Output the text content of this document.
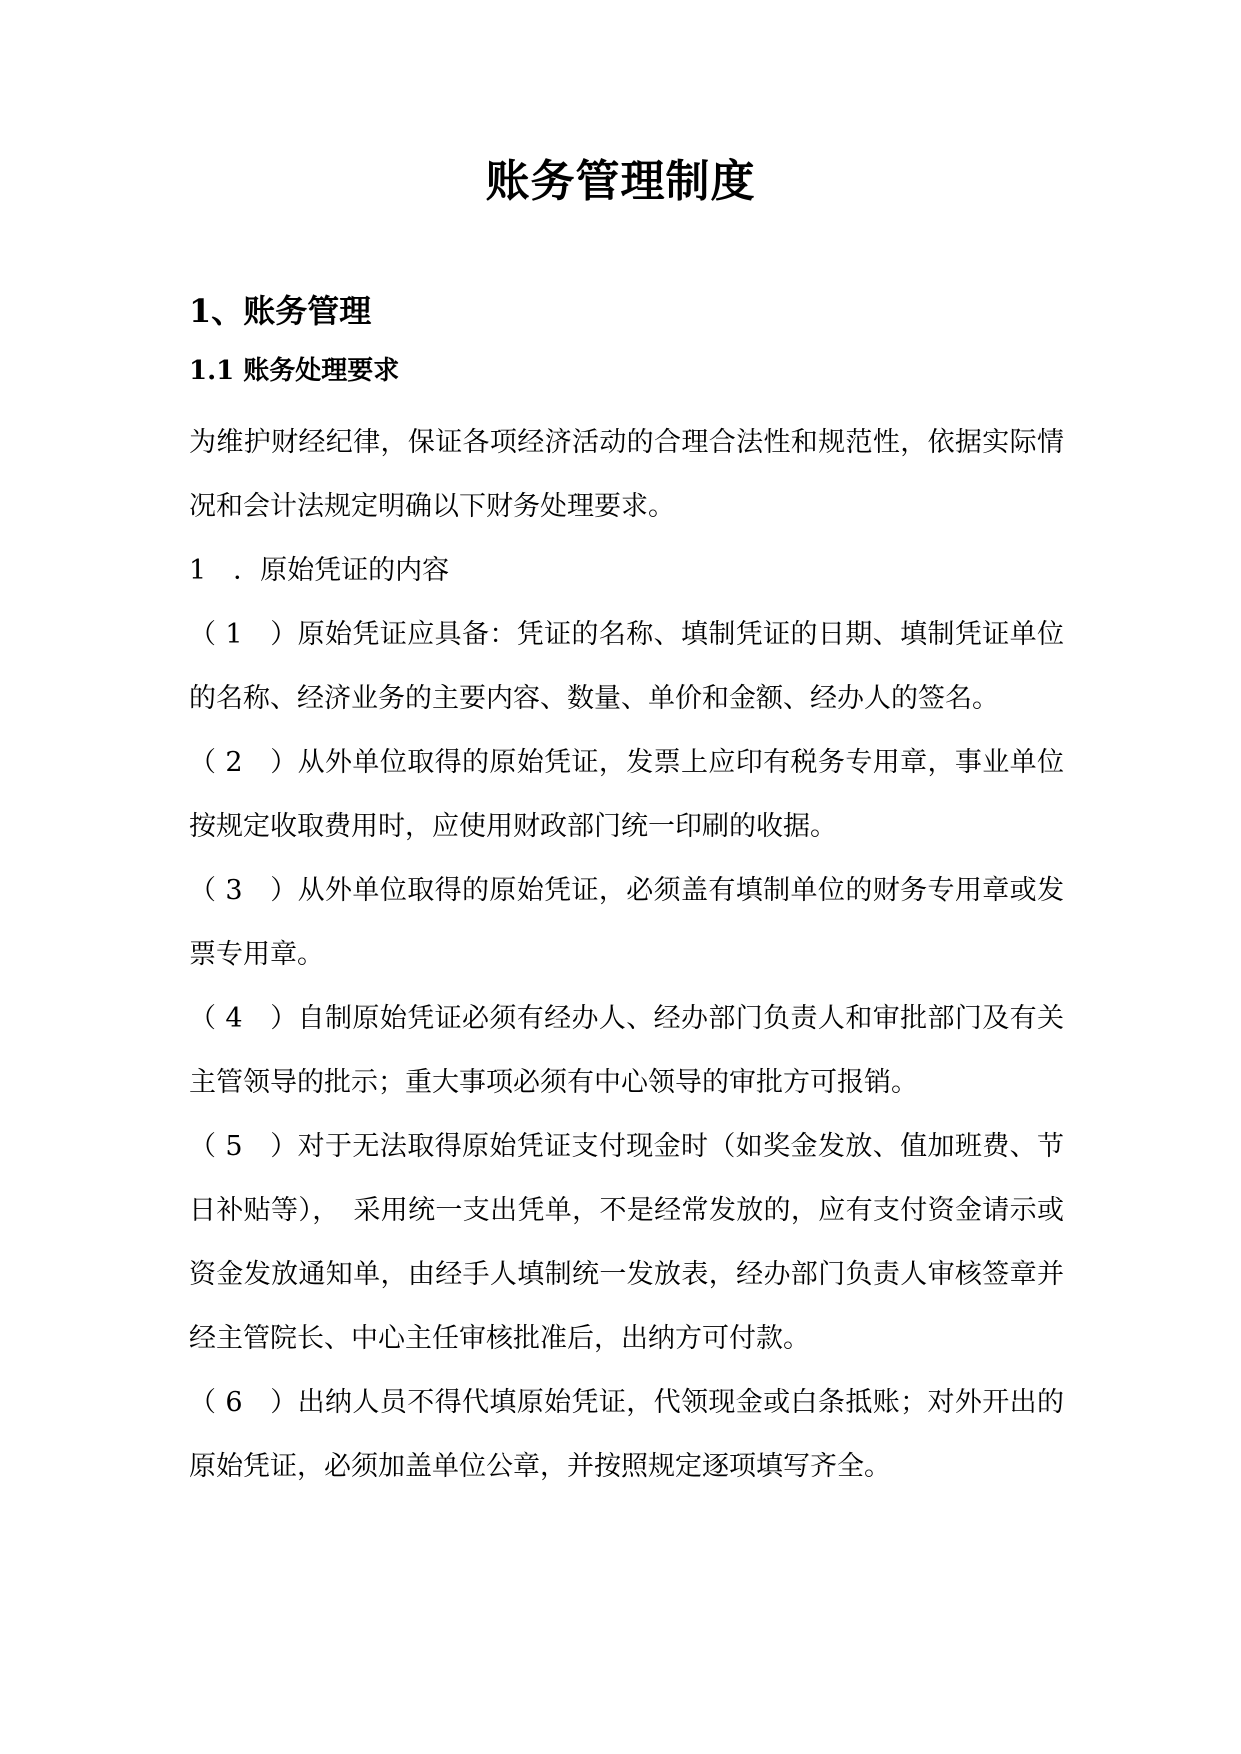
账务管理制度
1、账务管理
1.1 账务处理要求

为维护财经纪律，保证各项经济活动的合理合法性和规范性，依据实际情况和会计法规定明确以下财务处理要求。

1　．原始凭证的内容

（ 1　）原始凭证应具备：凭证的名称、填制凭证的日期、填制凭证单位的名称、经济业务的主要内容、数量、单价和金额、经办人的签名。

（ 2　）从外单位取得的原始凭证，发票上应印有税务专用章，事业单位按规定收取费用时，应使用财政部门统一印刷的收据。

（ 3　）从外单位取得的原始凭证，必须盖有填制单位的财务专用章或发票专用章。

（ 4　）自制原始凭证必须有经办人、经办部门负责人和审批部门及有关主管领导的批示；重大事项必须有中心领导的审批方可报销。

（ 5　）对于无法取得原始凭证支付现金时（如奖金发放、值加班费、节日补贴等），　采用统一支出凭单，不是经常发放的，应有支付资金请示或资金发放通知单，由经手人填制统一发放表，经办部门负责人审核签章并经主管院长、中心主任审核批准后，出纳方可付款。

（ 6　）出纳人员不得代填原始凭证，代领现金或白条抵账；对外开出的原始凭证，必须加盖单位公章，并按照规定逐项填写齐全。
